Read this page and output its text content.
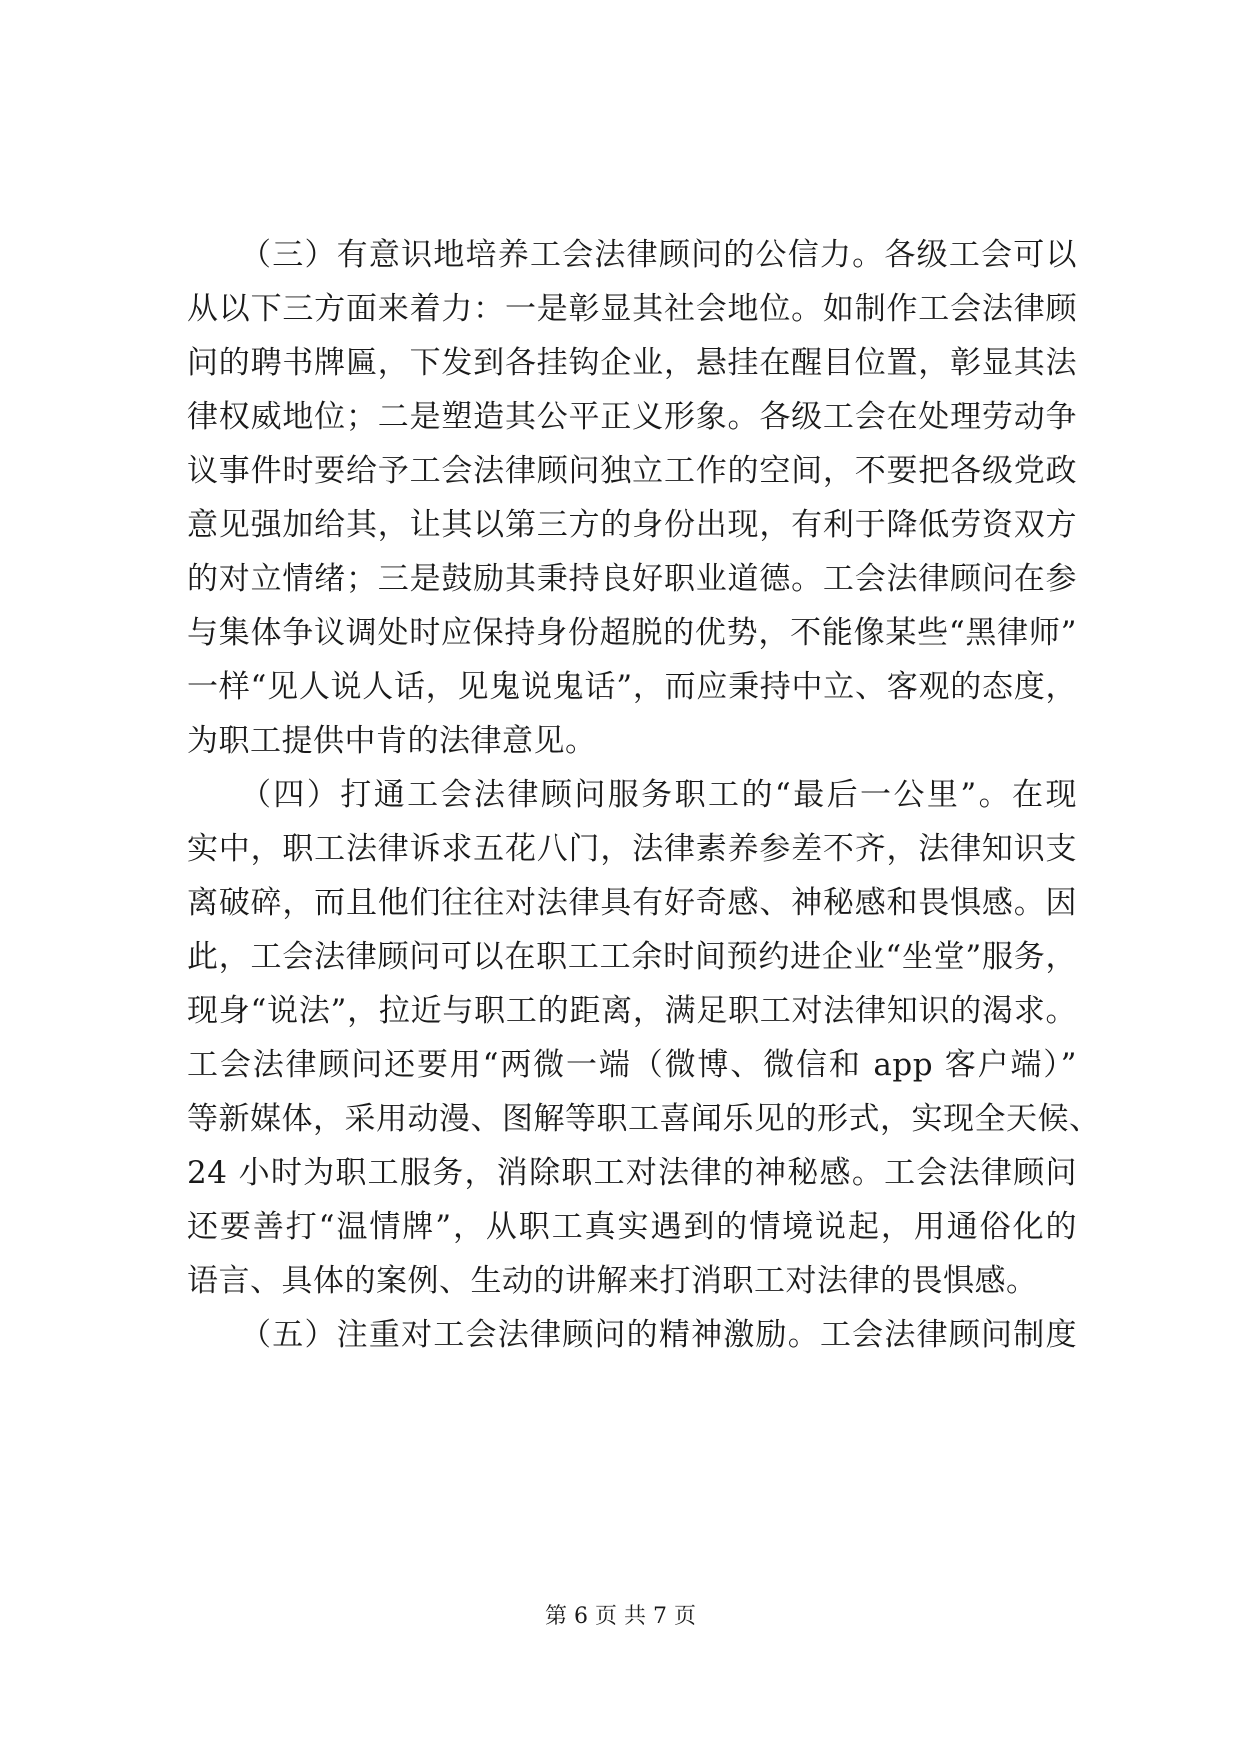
（三）有意识地培养工会法律顾问的公信力。各级工会可以
从以下三方面来着力：一是彰显其社会地位。如制作工会法律顾
问的聘书牌匾，下发到各挂钩企业，悬挂在醒目位置，彰显其法
律权威地位；二是塑造其公平正义形象。各级工会在处理劳动争
议事件时要给予工会法律顾问独立工作的空间，不要把各级党政
意见强加给其，让其以第三方的身份出现，有利于降低劳资双方
的对立情绪；三是鼓励其秉持良好职业道德。工会法律顾问在参
与集体争议调处时应保持身份超脱的优势，不能像某些“黑律师”
一样“见人说人话，见鬼说鬼话”，而应秉持中立、客观的态度，
为职工提供中肯的法律意见。
（四）打通工会法律顾问服务职工的“最后一公里”。在现
实中，职工法律诉求五花八门，法律素养参差不齐，法律知识支
离破碎，而且他们往往对法律具有好奇感、神秘感和畏惧感。因
此，工会法律顾问可以在职工工余时间预约进企业“坐堂”服务，
现身“说法”，拉近与职工的距离，满足职工对法律知识的渴求。
工会法律顾问还要用“两微一端（微博、微信和 app 客户端）”
等新媒体，采用动漫、图解等职工喜闻乐见的形式，实现全天候、
24 小时为职工服务，消除职工对法律的神秘感。工会法律顾问
还要善打“温情牌”，从职工真实遇到的情境说起，用通俗化的
语言、具体的案例、生动的讲解来打消职工对法律的畏惧感。
（五）注重对工会法律顾问的精神激励。工会法律顾问制度
第 6 页 共 7 页
